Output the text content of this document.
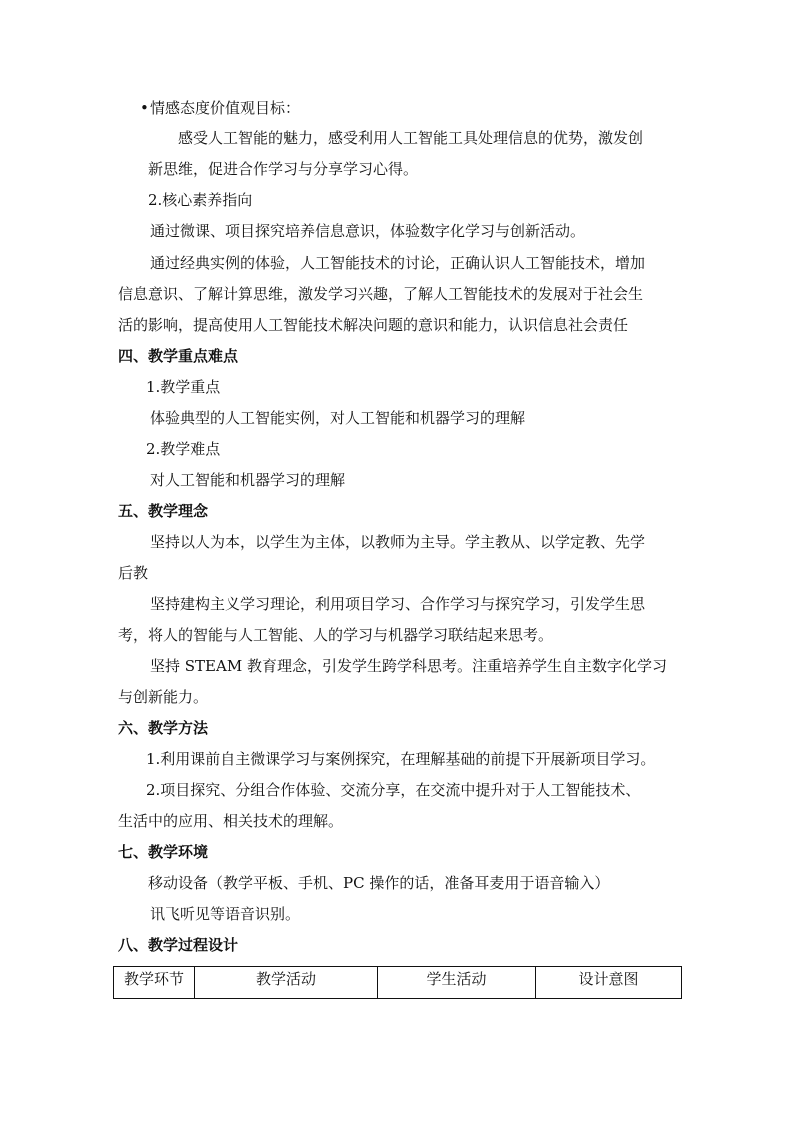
• 情感态度价值观目标：
感受人工智能的魅力，感受利用人工智能工具处理信息的优势，激发创
新思维，促进合作学习与分享学习心得。
2.核心素养指向
通过微课、项目探究培养信息意识，体验数字化学习与创新活动。
通过经典实例的体验，人工智能技术的讨论，正确认识人工智能技术，增加
信息意识、了解计算思维，激发学习兴趣，了解人工智能技术的发展对于社会生
活的影响，提高使用人工智能技术解决问题的意识和能力，认识信息社会责任
四、教学重点难点
1.教学重点
体验典型的人工智能实例，对人工智能和机器学习的理解
2.教学难点
对人工智能和机器学习的理解
五、教学理念
坚持以人为本，以学生为主体，以教师为主导。学主教从、以学定教、先学
后教
坚持建构主义学习理论，利用项目学习、合作学习与探究学习，引发学生思
考，将人的智能与人工智能、人的学习与机器学习联结起来思考。
坚持 STEAM 教育理念，引发学生跨学科思考。注重培养学生自主数字化学习
与创新能力。
六、教学方法
1.利用课前自主微课学习与案例探究，在理解基础的前提下开展新项目学习。
2.项目探究、分组合作体验、交流分享，在交流中提升对于人工智能技术、
生活中的应用、相关技术的理解。
七、教学环境
移动设备（教学平板、手机、PC 操作的话，准备耳麦用于语音输入）
讯飞听见等语音识别。
八、教学过程设计
教学环节	教学活动	学生活动	设计意图
